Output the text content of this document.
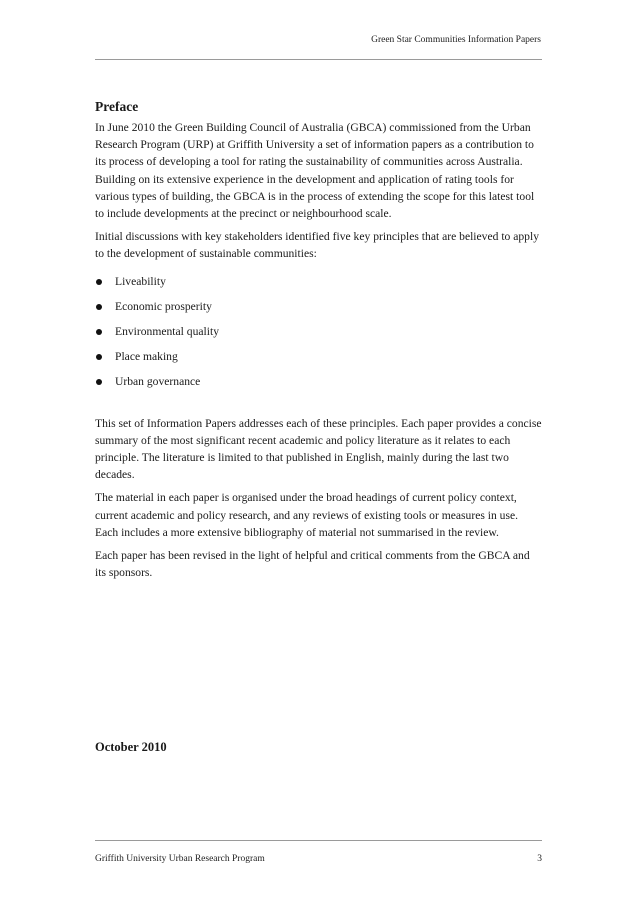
Green Star Communities Information Papers
Preface

In June 2010 the Green Building Council of Australia (GBCA) commissioned from the Urban Research Program (URP) at Griffith University a set of information papers as a contribution to its process of developing a tool for rating the sustainability of communities across Australia. Building on its extensive experience in the development and application of rating tools for various types of building, the GBCA is in the process of extending the scope for this latest tool to include developments at the precinct or neighbourhood scale.

Initial discussions with key stakeholders identified five key principles that are believed to apply to the development of sustainable communities:

Liveability
Economic prosperity
Environmental quality
Place making
Urban governance

This set of Information Papers addresses each of these principles. Each paper provides a concise summary of the most significant recent academic and policy literature as it relates to each principle. The literature is limited to that published in English, mainly during the last two decades.

The material in each paper is organised under the broad headings of current policy context, current academic and policy research, and any reviews of existing tools or measures in use. Each includes a more extensive bibliography of material not summarised in the review.

Each paper has been revised in the light of helpful and critical comments from the GBCA and its sponsors.

October 2010
Griffith University Urban Research Program	3
